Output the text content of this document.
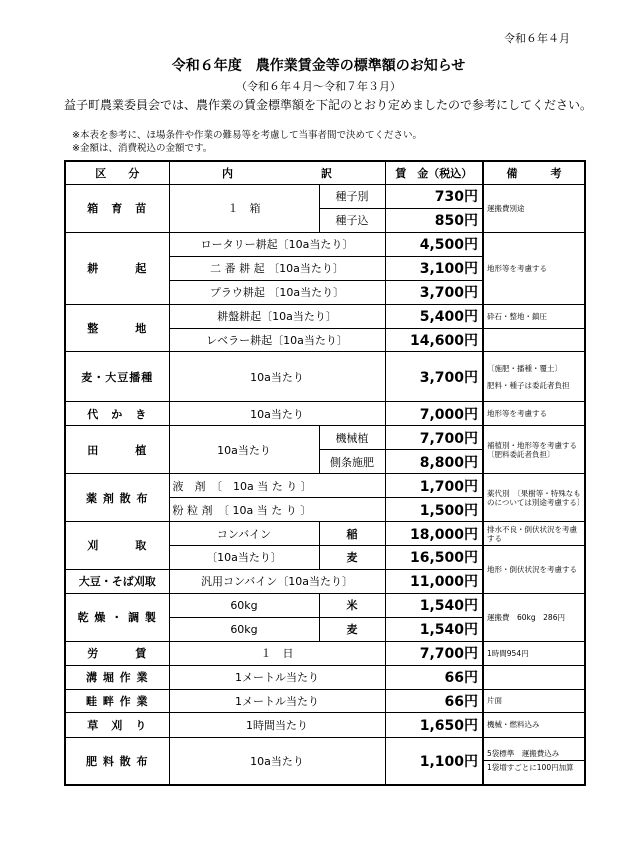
令和６年４月
令和６年度　農作業賃金等の標準額のお知らせ
（令和６年４月～令和７年３月）
益子町農業委員会では、農作業の賃金標準額を下記のとおり定めましたので参考にしてください。
※本表を参考に、ほ場条件や作業の難易等を考慮して当事者間で決めてください。
※金額は、消費税込の金額です。
区　　分	内　　　　　　　　訳		賃　金（税込）	備　　　考
箱　育　苗	１　箱	種子別	730円	運搬費別途
		種子込	850円	
耕　　　起	ロータリー耕起〔10a当たり〕		4,500円	地形等を考慮する
	二 番 耕 起 〔10a当たり〕		3,100円	
	プラウ耕起 〔10a当たり〕		3,700円	
整　　　地	耕盤耕起〔10a当たり〕		5,400円	砕石・整地・鎮圧
	レベラー耕起〔10a当たり〕		14,600円	
麦・大豆播種	10a当たり		3,700円	〔施肥・播種・覆土〕
肥料・種子は委託者負担

代　か　き	10a当たり		7,000円	地形等を考慮する
田　　　植	10a当たり	機械植	7,700円	補植別・地形等を考慮する　〔肥料委託者負担〕
		側条施肥	8,800円	
薬 剤 散 布	液　剤　〔　10a 当 た り 〕		1,700円	薬代別　〔果樹等・特殊なものについては別途考慮する〕
	粉 粒 剤　〔 10a 当 た り 〕		1,500円	
刈　　　取	コンバイン	稲	18,000円	排水不良・倒伏状況を考慮する
	〔10a当たり〕	麦	16,500円	地形・倒伏状況を考慮する
大豆・そば刈取	汎用コンバイン〔10a当たり〕		11,000円	
乾 燥 ・ 調 製	60kg	米	1,540円	運搬費　60kg　286円
	60kg	麦	1,540円	
労　　　賃	１　日		7,700円	1時間954円
溝 堀 作 業	1メートル当たり		66円	
畦 畔 作 業	1メートル当たり		66円	片面
草　刈　り	1時間当たり		1,650円	機械・燃料込み
肥 料 散 布	10a当たり		1,100円	5袋標準　運搬費込み
1袋増すごとに100円加算
